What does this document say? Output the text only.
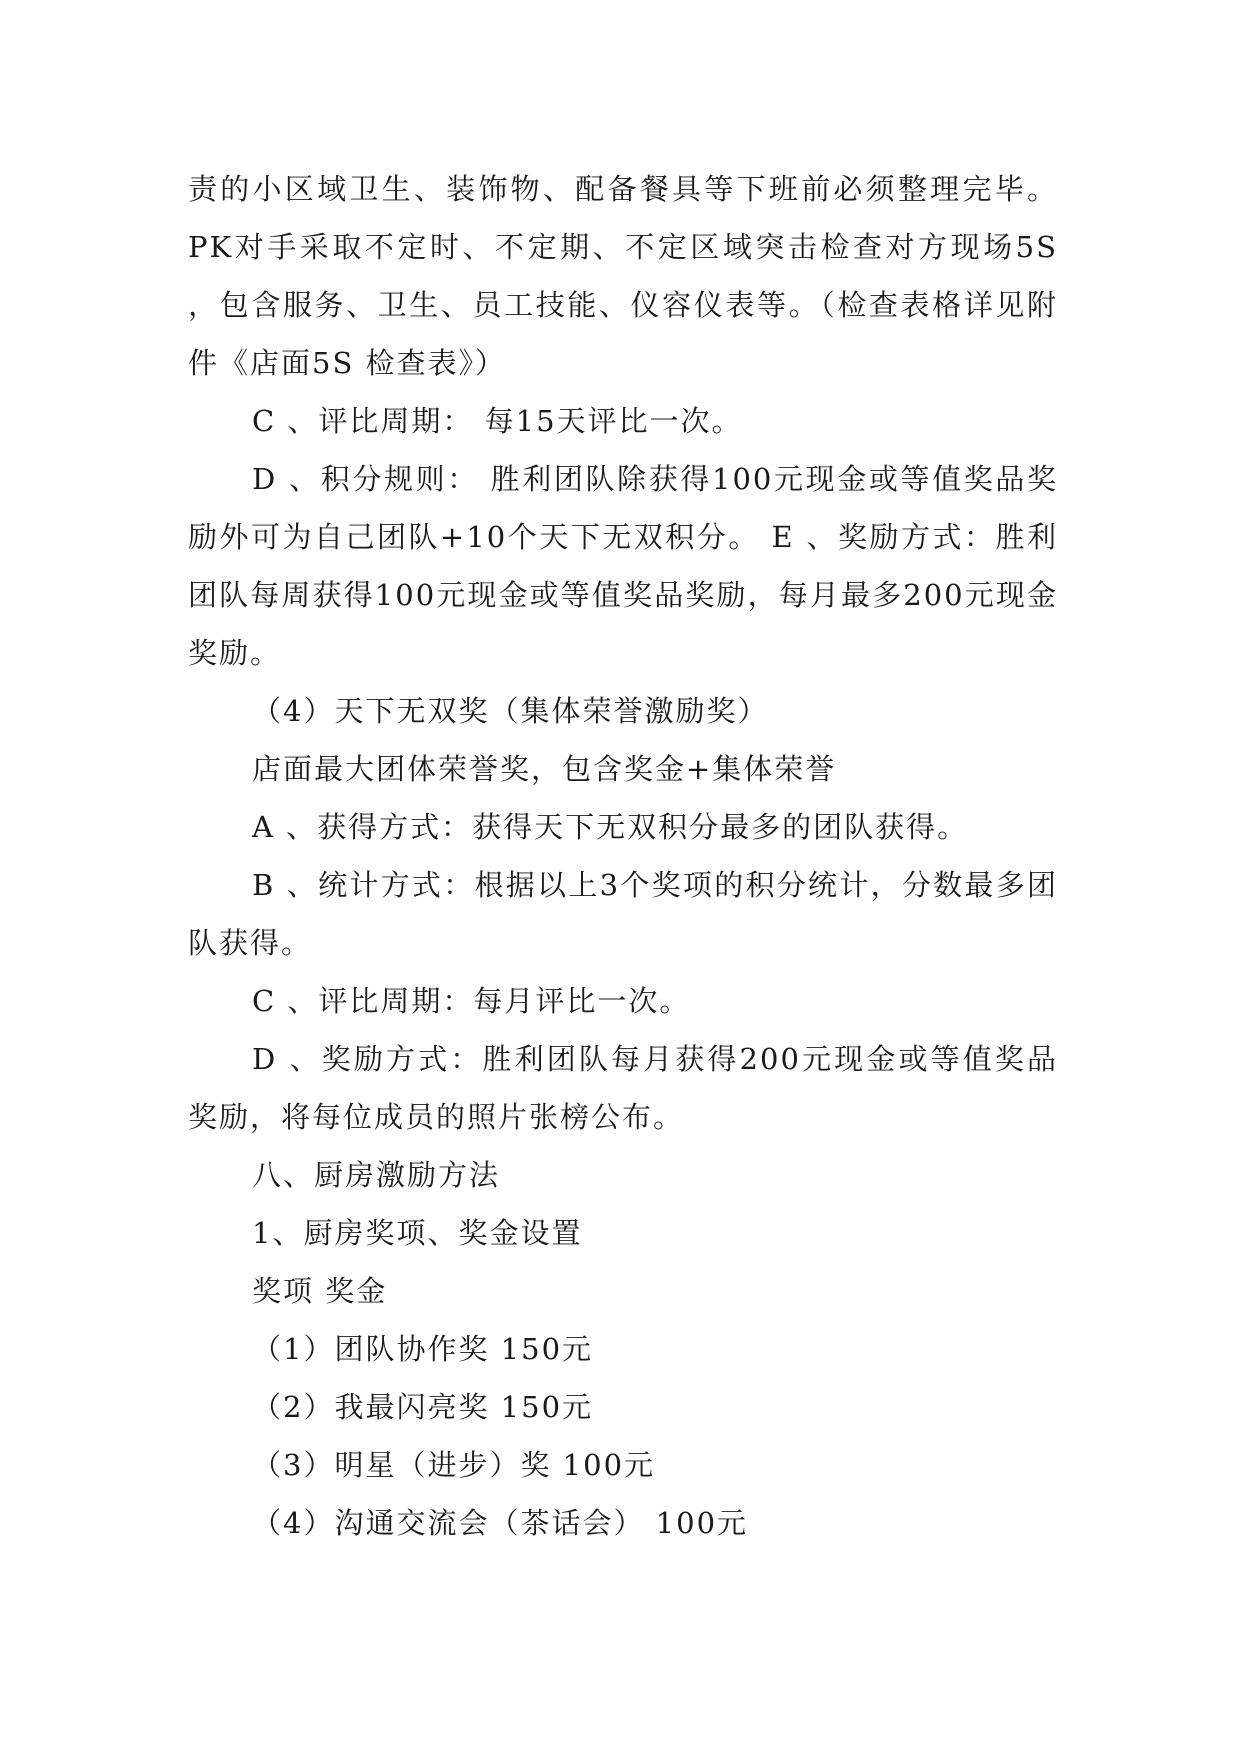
责的小区域卫生、装饰物、配备餐具等下班前必须整理完毕。PK对手采取不定时、不定期、不定区域突击检查对方现场5S ，包含服务、卫生、员工技能、仪容仪表等。（检查表格详见附件《店面5S 检查表》）

C 、评比周期： 每15天评比一次。

D 、积分规则： 胜利团队除获得100元现金或等值奖品奖励外可为自己团队+10个天下无双积分。 E 、奖励方式：胜利团队每周获得100元现金或等值奖品奖励，每月最多200元现金奖励。

（4）天下无双奖（集体荣誉激励奖）

店面最大团体荣誉奖，包含奖金+集体荣誉

A 、获得方式：获得天下无双积分最多的团队获得。

B 、统计方式：根据以上3个奖项的积分统计，分数最多团队获得。

C 、评比周期：每月评比一次。

D 、奖励方式：胜利团队每月获得200元现金或等值奖品奖励，将每位成员的照片张榜公布。

八、厨房激励方法

1、厨房奖项、奖金设置

奖项 奖金

（1）团队协作奖 150元

（2）我最闪亮奖 150元

（3）明星（进步）奖 100元

（4）沟通交流会（茶话会） 100元
